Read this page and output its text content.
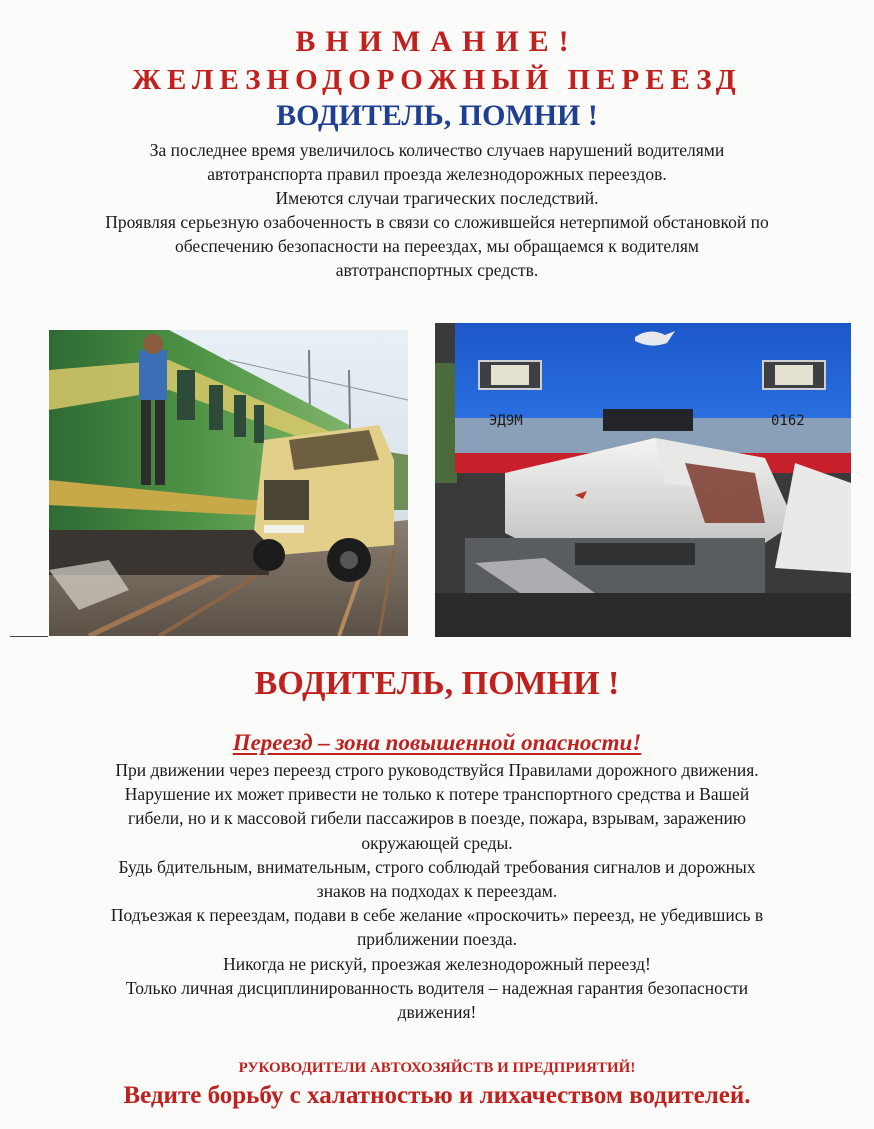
ВНИМАНИЕ!
ЖЕЛЕЗНОДОРОЖНЫЙ ПЕРЕЕЗД
ВОДИТЕЛЬ, ПОМНИ !
За последнее время увеличилось количество случаев нарушений водителями
автотранспорта правил проезда железнодорожных переездов.
Имеются случаи трагических последствий.
Проявляя серьезную озабоченность в связи со сложившейся нетерпимой обстановкой по
обеспечению безопасности на переездах, мы обращаемся к водителям
автотранспортных средств.
ЭД9М	0162
ВОДИТЕЛЬ, ПОМНИ !
Переезд – зона повышенной опасности!
При движении через переезд строго руководствуйся Правилами дорожного движения.
Нарушение их может привести не только к потере транспортного средства и Вашей
гибели, но и к массовой гибели пассажиров в поезде, пожара, взрывам, заражению
окружающей среды.
Будь бдительным, внимательным, строго соблюдай требования сигналов и дорожных
знаков на подходах к переездам.
Подъезжая к переездам, подави в себе желание «проскочить» переезд, не убедившись в
приближении поезда.
Никогда не рискуй, проезжая железнодорожный переезд!
Только личная дисциплинированность водителя – надежная гарантия безопасности
движения!
РУКОВОДИТЕЛИ АВТОХОЗЯЙСТВ И ПРЕДПРИЯТИЙ!
Ведите борьбу с халатностью и лихачеством водителей.
